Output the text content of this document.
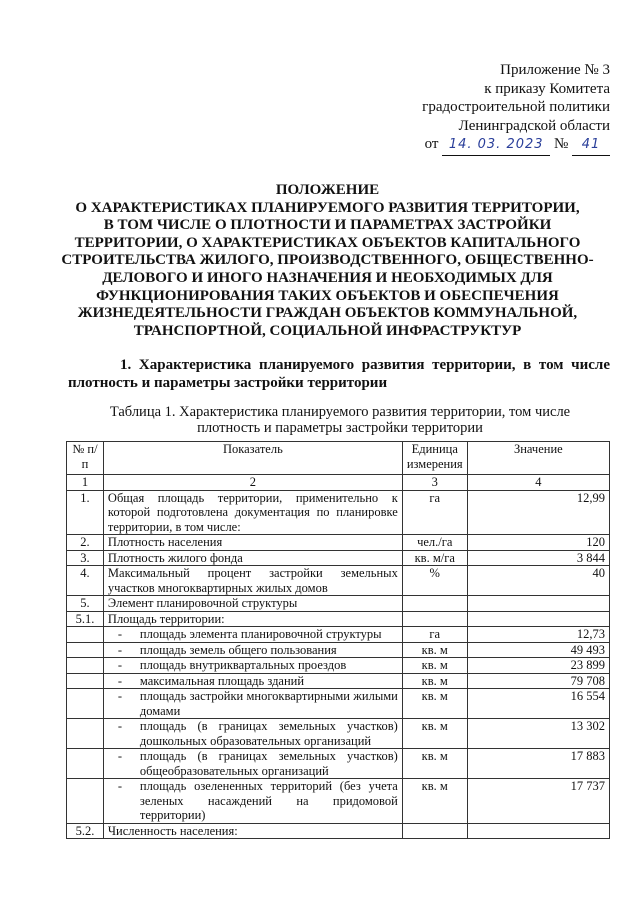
Приложение № 3
к приказу Комитета
градостроительной политики
Ленинградской области
от 14. 03. 2023 № 41
ПОЛОЖЕНИЕ
О ХАРАКТЕРИСТИКАХ ПЛАНИРУЕМОГО РАЗВИТИЯ ТЕРРИТОРИИ,
В ТОМ ЧИСЛЕ О ПЛОТНОСТИ И ПАРАМЕТРАХ ЗАСТРОЙКИ
ТЕРРИТОРИИ, О ХАРАКТЕРИСТИКАХ ОБЪЕКТОВ КАПИТАЛЬНОГО
СТРОИТЕЛЬСТВА ЖИЛОГО, ПРОИЗВОДСТВЕННОГО, ОБЩЕСТВЕННО-
ДЕЛОВОГО И ИНОГО НАЗНАЧЕНИЯ И НЕОБХОДИМЫХ ДЛЯ
ФУНКЦИОНИРОВАНИЯ ТАКИХ ОБЪЕКТОВ И ОБЕСПЕЧЕНИЯ
ЖИЗНЕДЕЯТЕЛЬНОСТИ ГРАЖДАН ОБЪЕКТОВ КОММУНАЛЬНОЙ,
ТРАНСПОРТНОЙ, СОЦИАЛЬНОЙ ИНФРАСТРУКТУР
1. Характеристика планируемого развития территории, в том числе
плотность и параметры застройки территории
Таблица 1. Характеристика планируемого развития территории, том числе
плотность и параметры застройки территории
№ п/п	Показатель	Единица измерения	Значение
1	2	3	4
1.	Общая площадь территории, применительно к которой подготовлена документация по планировке территории, в том числе:	га	12,99
2.	Плотность населения	чел./га	120
3.	Плотность жилого фонда	кв. м/га	3 844
4.	Максимальный процент застройки земельных участков многоквартирных жилых домов	%	40
5.	Элемент планировочной структуры		
5.1.	Площадь территории:		

	- площадь элемента планировочной структуры	га	12,73

	- площадь земель общего пользования	кв. м	49 493

	- площадь внутриквартальных проездов	кв. м	23 899

	- максимальная площадь зданий	кв. м	79 708

	- площадь застройки многоквартирными жилыми домами	кв. м	16 554

	- площадь (в границах земельных участков) дошкольных образовательных организаций	кв. м	13 302

	- площадь (в границах земельных участков) общеобразовательных организаций	кв. м	17 883

	- площадь озелененных территорий (без учета зеленых насаждений на придомовой территории)	кв. м	17 737
5.2.	Численность населения:		
